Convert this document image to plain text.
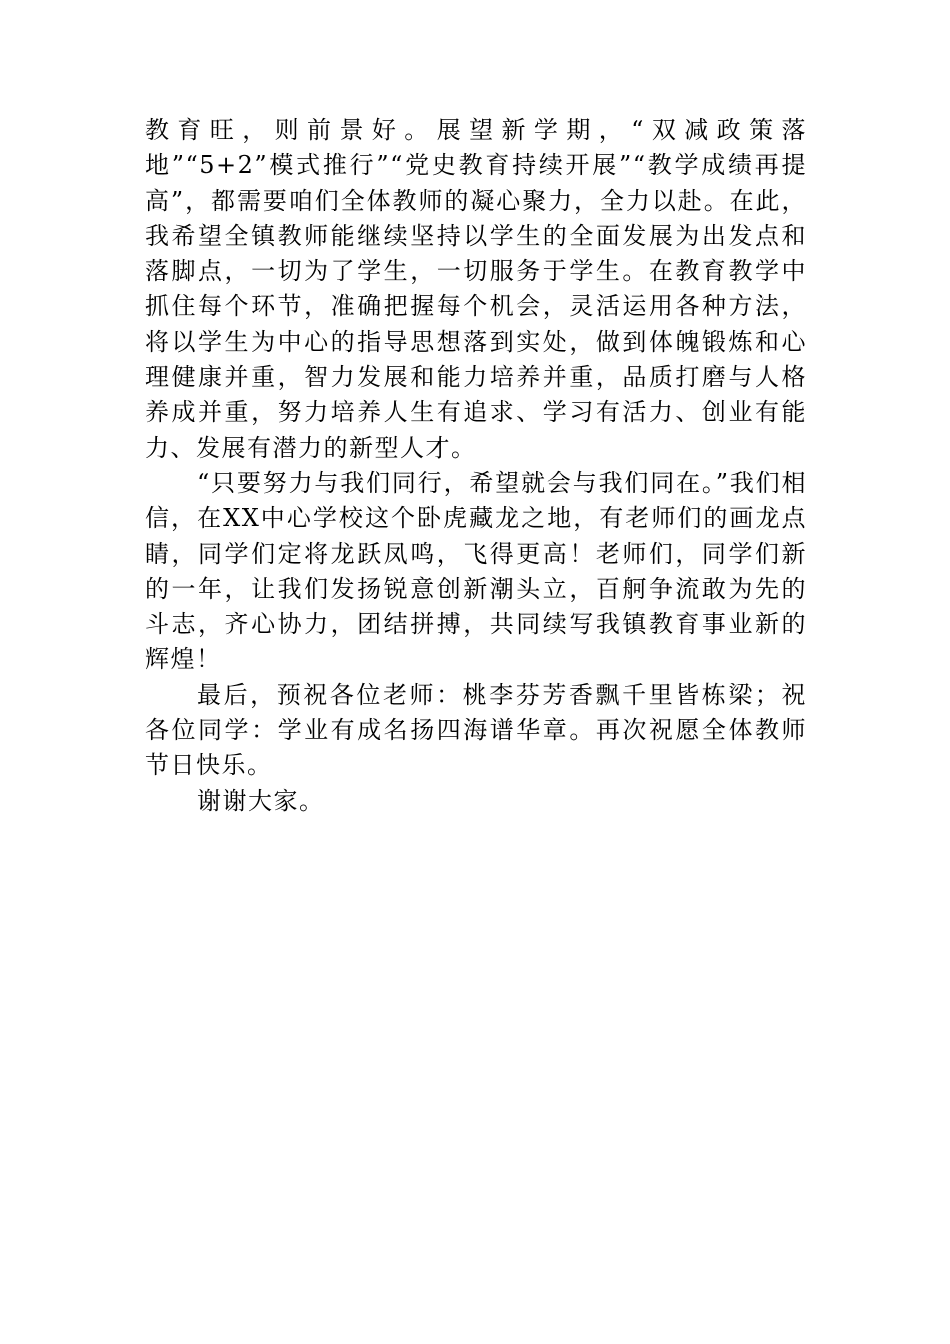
教育旺，则前景好。展望新学期，“双减政策落地”“5+2”模式推行”“党史教育持续开展”“教学成绩再提高”，都需要咱们全体教师的凝心聚力，全力以赴。在此，我希望全镇教师能继续坚持以学生的全面发展为出发点和落脚点，一切为了学生，一切服务于学生。在教育教学中抓住每个环节，准确把握每个机会，灵活运用各种方法，将以学生为中心的指导思想落到实处，做到体魄锻炼和心理健康并重，智力发展和能力培养并重，品质打磨与人格养成并重，努力培养人生有追求、学习有活力、创业有能力、发展有潜力的新型人才。

“只要努力与我们同行，希望就会与我们同在。”我们相信，在XX中心学校这个卧虎藏龙之地，有老师们的画龙点睛，同学们定将龙跃凤鸣，飞得更高！老师们，同学们新的一年，让我们发扬锐意创新潮头立，百舸争流敢为先的斗志，齐心协力，团结拼搏，共同续写我镇教育事业新的辉煌！

最后，预祝各位老师：桃李芬芳香飘千里皆栋梁；祝各位同学：学业有成名扬四海谱华章。再次祝愿全体教师节日快乐。

谢谢大家。
